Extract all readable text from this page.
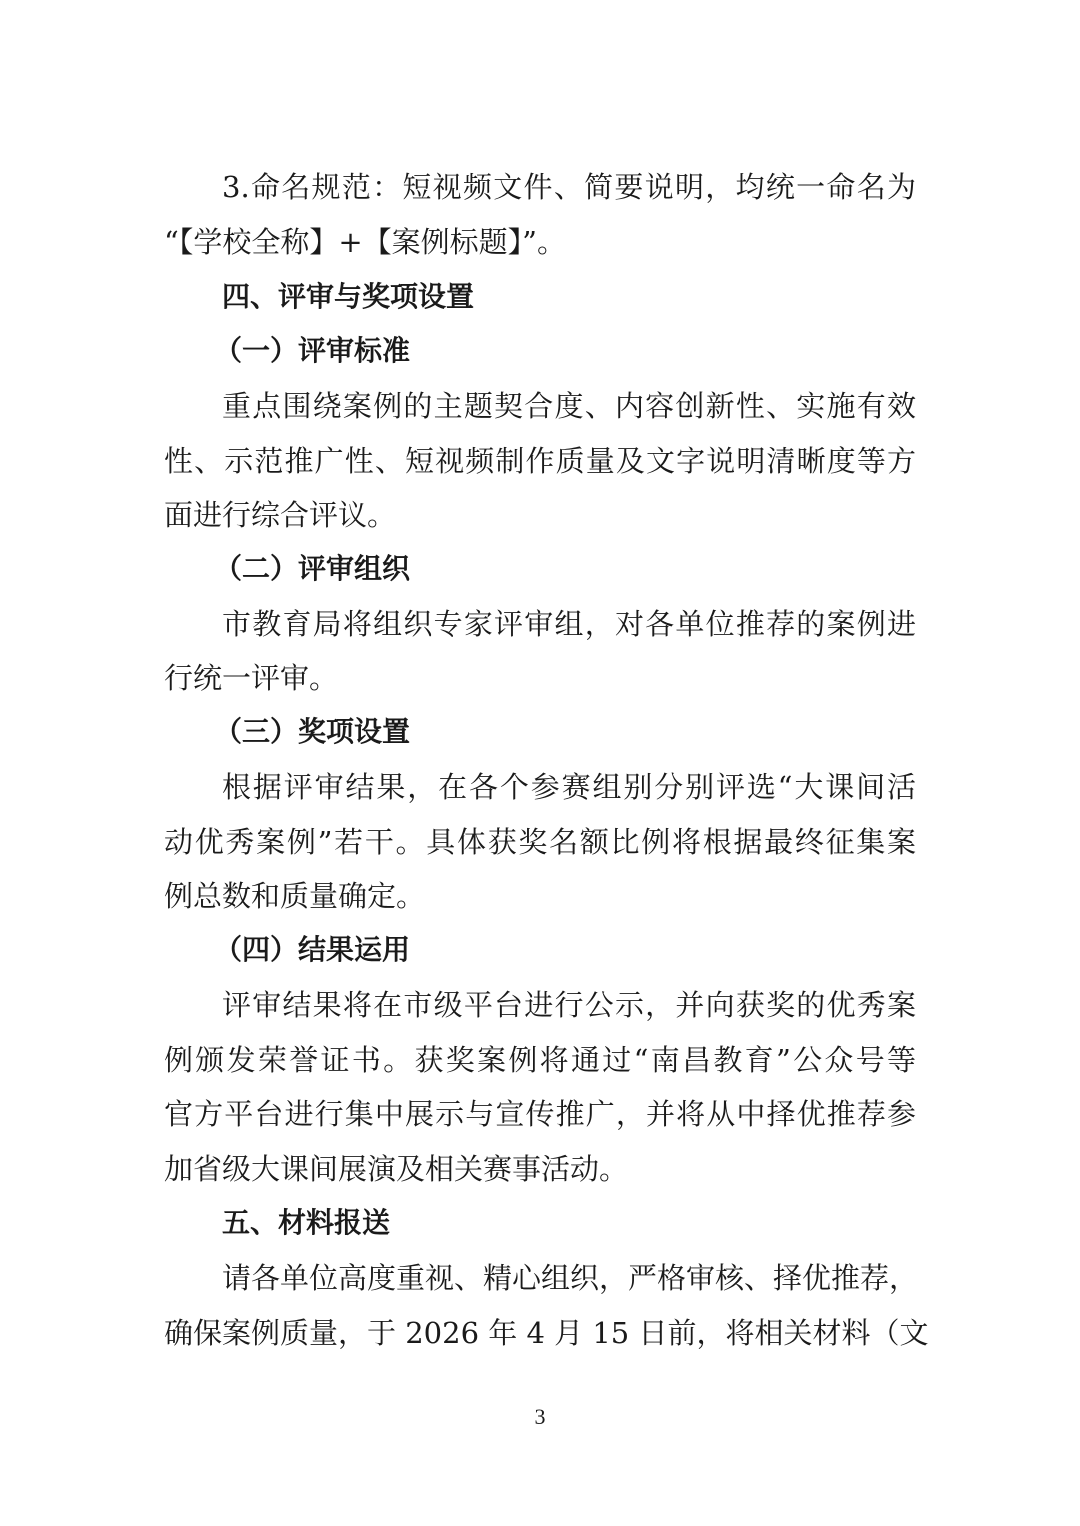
3.命名规范：短视频文件、简要说明，均统一命名为
“【学校全称】+【案例标题】”。
四、评审与奖项设置
（一）评审标准
重点围绕案例的主题契合度、内容创新性、实施有效
性、示范推广性、短视频制作质量及文字说明清晰度等方
面进行综合评议。
（二）评审组织
市教育局将组织专家评审组，对各单位推荐的案例进
行统一评审。
（三）奖项设置
根据评审结果，在各个参赛组别分别评选“大课间活
动优秀案例”若干。具体获奖名额比例将根据最终征集案
例总数和质量确定。
（四）结果运用
评审结果将在市级平台进行公示，并向获奖的优秀案
例颁发荣誉证书。获奖案例将通过“南昌教育”公众号等
官方平台进行集中展示与宣传推广，并将从中择优推荐参
加省级大课间展演及相关赛事活动。
五、材料报送
请各单位高度重视、精心组织，严格审核、择优推荐，
确保案例质量，于 2026 年 4 月 15 日前，将相关材料（文
3
